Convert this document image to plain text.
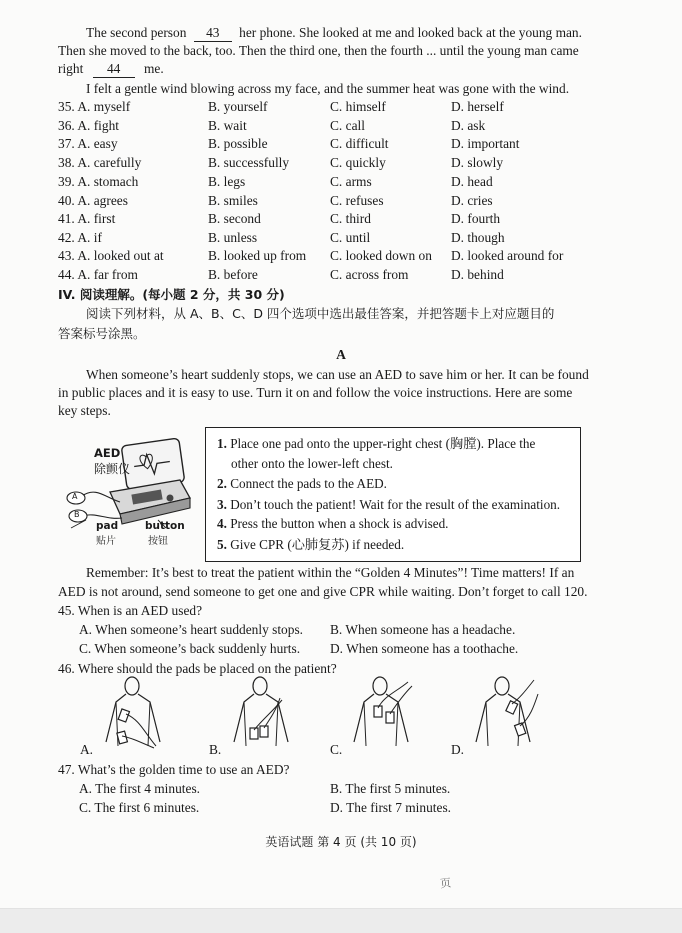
The second person 43 her phone. She looked at me and looked back at the young man.
Then she moved to the back, too. Then the third one, then the fourth ... until the young man came
right 44 me.
I felt a gentle wind blowing across my face, and the summer heat was gone with the wind.
35. A. myself	B. yourself	C. himself	D. herself
36. A. fight	B. wait	C. call	D. ask
37. A. easy	B. possible	C. difficult	D. important
38. A. carefully	B. successfully	C. quickly	D. slowly
39. A. stomach	B. legs	C. arms	D. head
40. A. agrees	B. smiles	C. refuses	D. cries
41. A. first	B. second	C. third	D. fourth
42. A. if	B. unless	C. until	D. though
43. A. looked out at	B. looked up from C. looked down on D. looked around for
44. A. far from	B. before	C. across from	D. behind
IV. 阅读理解。(每小题 2 分，共 30 分)
阅读下列材料，从 A、B、C、D 四个选项中选出最佳答案，并把答题卡上对应题目的
答案标号涂黑。
A
When someone’s heart suddenly stops, we can use an AED to save him or her. It can be found
in public places and it is easy to use. Turn it on and follow the voice instructions. Here are some
key steps.
AED
除颤仪
A
B
pad
贴片
button
按钮
1. Place one pad onto the upper-right chest (胸膛). Place the
other onto the lower-left chest.
2. Connect the pads to the AED.
3. Don’t touch the patient! Wait for the result of the examination.
4. Press the button when a shock is advised.
5. Give CPR (心肺复苏) if needed.
Remember: It’s best to treat the patient within the “Golden 4 Minutes”! Time matters! If an
AED is not around, send someone to get one and give CPR while waiting. Don’t forget to call 120.
45. When is an AED used?
A. When someone’s heart suddenly stops. B. When someone has a headache.
C. When someone’s back suddenly hurts. D. When someone has a toothache.
46. Where should the pads be placed on the patient?
A.	B.	C.	D.
47. What’s the golden time to use an AED?
A. The first 4 minutes.	B. The first 5 minutes.
C. The first 6 minutes.	D. The first 7 minutes.
英语试题 第 4 页 (共 10 页)
页
